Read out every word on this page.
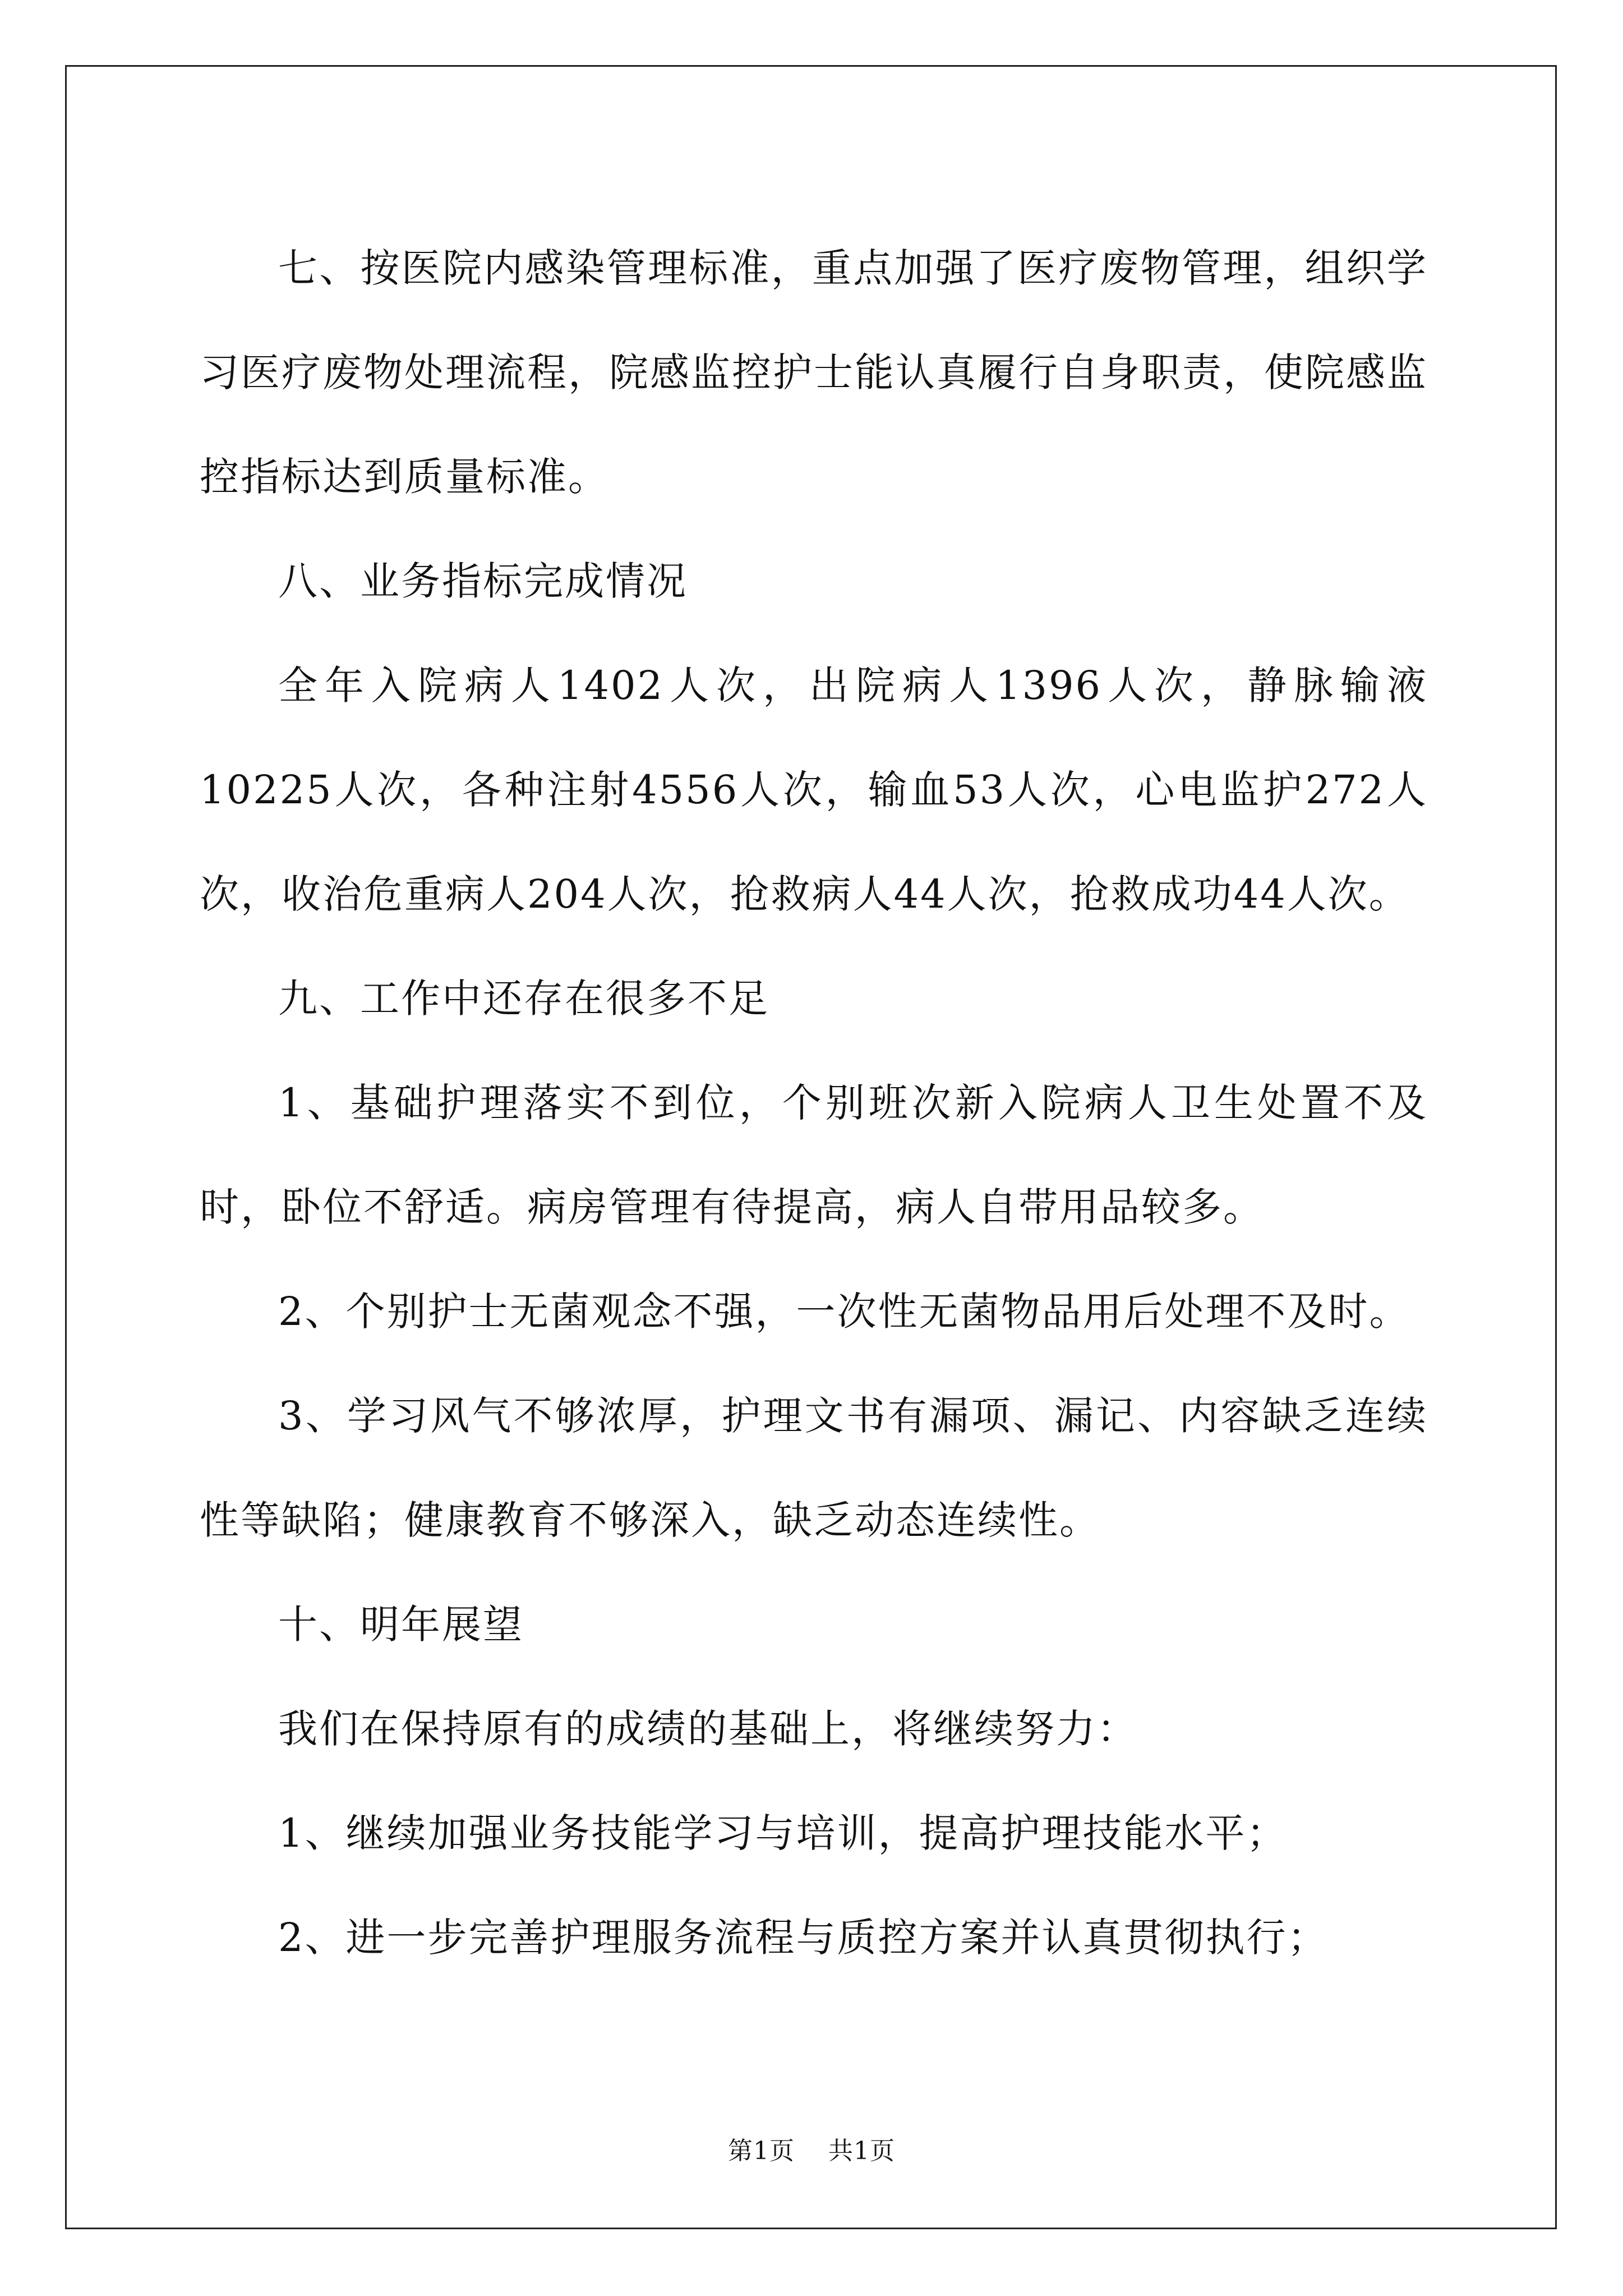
七、按医院内感染管理标准，重点加强了医疗废物管理，组织学习医疗废物处理流程，院感监控护士能认真履行自身职责，使院感监控指标达到质量标准。

八、业务指标完成情况

全年入院病人1402人次，出院病人1396人次，静脉输液10225人次，各种注射4556人次，输血53人次，心电监护272人次，收治危重病人204人次，抢救病人44人次，抢救成功44人次。

九、工作中还存在很多不足

1、基础护理落实不到位，个别班次新入院病人卫生处置不及时，卧位不舒适。病房管理有待提高，病人自带用品较多。

2、个别护士无菌观念不强，一次性无菌物品用后处理不及时。

3、学习风气不够浓厚，护理文书有漏项、漏记、内容缺乏连续性等缺陷；健康教育不够深入，缺乏动态连续性。

十、明年展望

我们在保持原有的成绩的基础上，将继续努力：

1、继续加强业务技能学习与培训，提高护理技能水平；

2、进一步完善护理服务流程与质控方案并认真贯彻执行；

第1页    共1页
